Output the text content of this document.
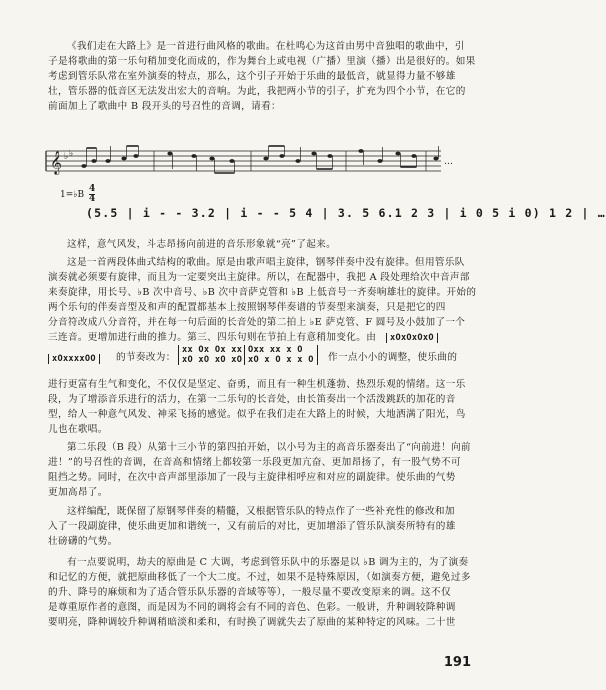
《我们走在大路上》是一首进行曲风格的歌曲。在杜鸣心为这首由男中音独唱的歌曲中，引
子是将歌曲的第一乐句稍加变化而成的，作为舞台上或电视（广播）里演（播）出是很好的。如果
考虑到管乐队常在室外演奏的特点，那么，这个引子开始于乐曲的最低音，就显得力量不够雄
壮，管乐器的低音区无法发出宏大的音响。为此，我把两小节的引子，扩充为四个小节，在它的
前面加上了歌曲中 B 段开头的号召性的音调，请看：
𝄞 ♭ ♭
…
1=♭B $\frac{4}{4}$
(5.5 | i - - 3.2 | i - - 5 4 | 3. 5 6.1 2 3 | i 0 5 i 0) 1 2 | …
这样，意气风发，斗志昂扬向前进的音乐形象就“亮”了起来。
这是一首两段体曲式结构的歌曲。原是由歌声唱主旋律，钢琴伴奏中没有旋律。但用管乐队
演奏就必须要有旋律，而且为一定要突出主旋律。所以，在配器中，我把 A 段处理给次中音声部
来奏旋律，用长号、♭B 次中音号、♭B 次中音萨克管和 ♭B 上低音号一齐奏响雄壮的旋律。开始的
两个乐句的伴奏音型及和声的配置都基本上按照钢琴伴奏谱的节奏型来演奏，只是把它的四
分音符改成八分音符，并在每一句后面的长音处的第二拍上 ♭E 萨克管、F 圆号及小鼓加了一个
三连音。更增加进行曲的推力。第三、四乐句则在节拍上有意稍加变化。由	xOxOxOxO
xOxxxxOO	的节奏改为：
xx Ox Ox xx
xO xO xO xO
Oxx xx x O
xO x O x x O 作一点小小的调整，使乐曲的
进行更富有生气和变化，不仅仅是坚定、奋勇，而且有一种生机蓬勃、热烈乐观的情绪。这一乐
段，为了增添音乐进行的活力，在第一二乐句的长音处，由长笛奏出一个活泼跳跃的加花的音
型，给人一种意气风发、神采飞扬的感觉。似乎在我们走在大路上的时候，大地洒满了阳光，鸟
儿也在歌唱。
第二乐段（B 段）从第十三小节的第四拍开始，以小号为主的高音乐器奏出了“向前进！向前
进！”的号召性的音调，在音高和情绪上都较第一乐段更加亢奋、更加昂扬了，有一股气势不可
阻挡之势。同时，在次中音声部里添加了一段与主旋律相呼应和对应的副旋律。使乐曲的气势
更加高昂了。
这样编配，既保留了原钢琴伴奏的精髓，又根据管乐队的特点作了一些补充性的修改和加
入了一段副旋律，使乐曲更加和谐统一，又有前后的对比，更加增添了管乐队演奏所特有的雄
壮磅礴的气势。
有一点要说明，劫夫的原曲是 C 大调，考虑到管乐队中的乐器是以 ♭B 调为主的，为了演奏
和记忆的方便，就把原曲移低了一个大二度。不过，如果不是特殊原因，（如演奏方便，避免过多
的升、降号的麻烦和为了适合管乐队乐器的音域等等），一般尽量不要改变原来的调。这不仅
是尊重原作者的意图，而是因为不同的调将会有不同的音色、色彩。一般讲，升种调较降种调
要明亮，降种调较升种调稍暗淡和柔和，有时换了调就失去了原曲的某种特定的风味。二十世
191
